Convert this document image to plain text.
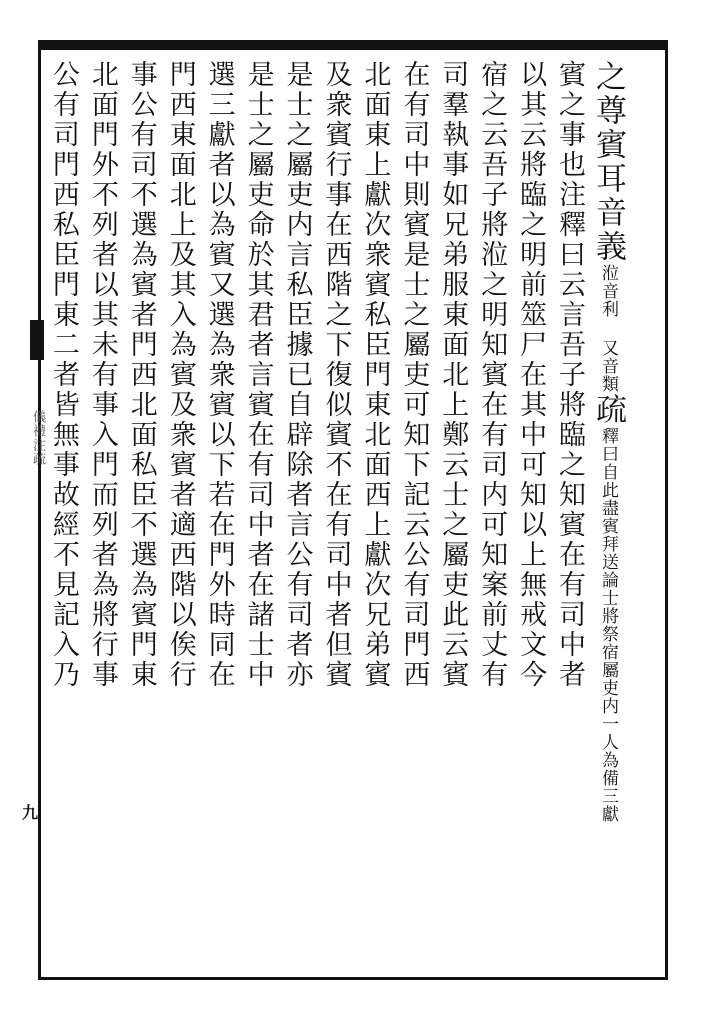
之尊賓耳音義涖音利 又音類疏釋曰自此盡賓拜送論士將祭宿屬吏内一人為備三獻
賓之事也注釋曰云言吾子將臨之知賓在有司中者
以其云將臨之明前筮尸在其中可知以上無戒文今
宿之云吾子將涖之明知賓在有司内可知案前丈有
司羣執事如兄弟服東面北上鄭云士之屬吏此云賓
在有司中則賓是士之屬吏可知下記云公有司門西
北面東上獻次衆賓私臣門東北面西上獻次兄弟賓
及衆賓行事在西階之下復似賓不在有司中者但賓
是士之屬吏内言私臣據已自辟除者言公有司者亦
是士之屬吏命於其君者言賓在有司中者在諸士中
選三獻者以為賓又選為衆賓以下若在門外時同在
門西東面北上及其入為賓及衆賓者適西階以俟行
事公有司不選為賓者門西北面私臣不選為賓門東
北面門外不列者以其未有事入門而列者為將行事
公有司門西私臣門東二者皆無事故經不見記入乃
儀禮注疏
九
